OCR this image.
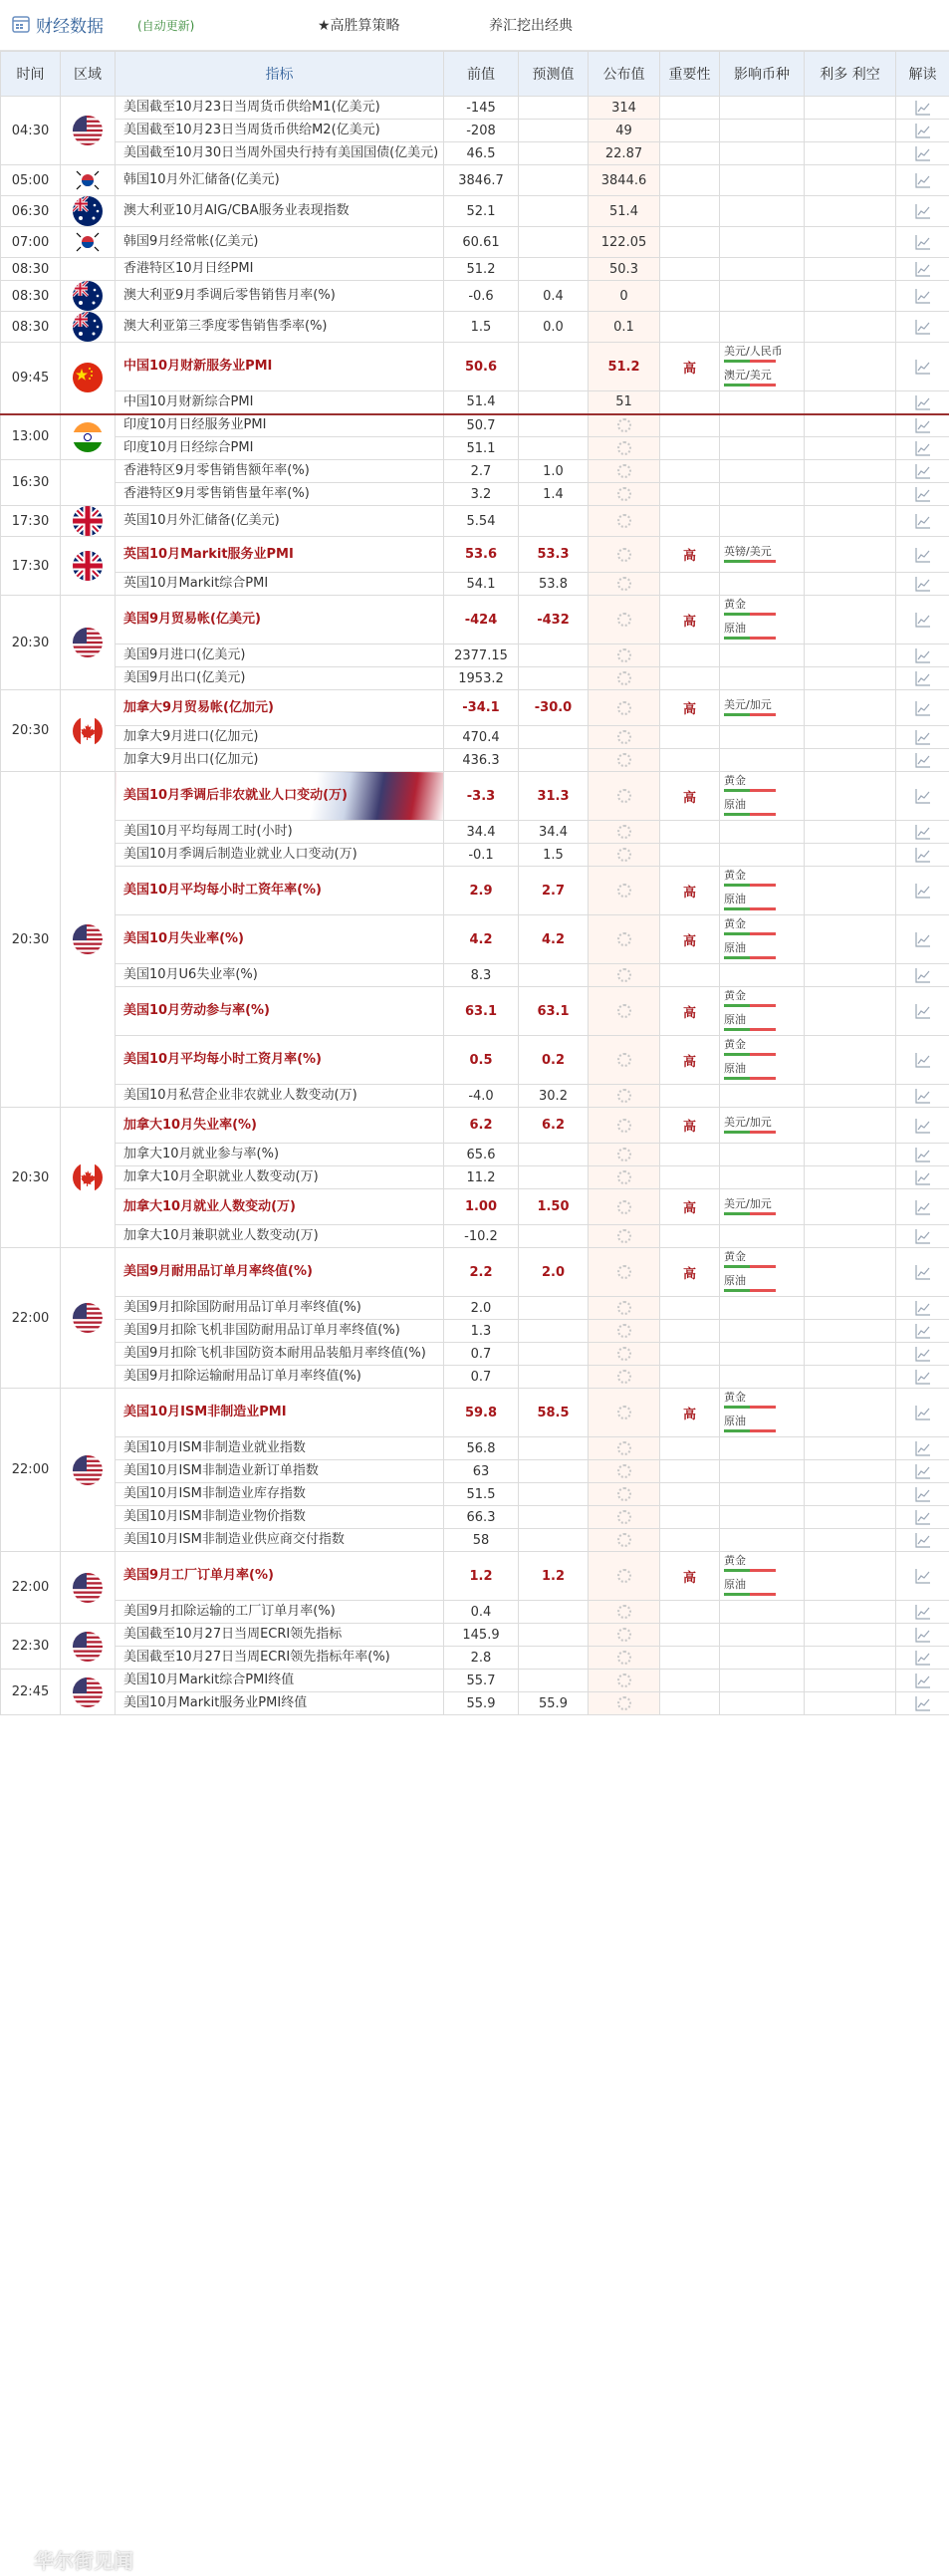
财经数据	(自动更新)	★高胜算策略	养汇挖出经典
时间	区域	指标	前值	预测值	公布值	重要性	影响币种	利多 利空	解读
04:30		美国截至10月23日当周货币供给M1(亿美元)	-145		314				
		美国截至10月23日当周货币供给M2(亿美元)	-208		49				
		美国截至10月30日当周外国央行持有美国国债(亿美元)	46.5		22.87				
05:00		韩国10月外汇储备(亿美元)	3846.7		3844.6				
06:30		澳大利亚10月AIG/CBA服务业表现指数	52.1		51.4				
07:00		韩国9月经常帐(亿美元)	60.61		122.05				
08:30		香港特区10月日经PMI	51.2		50.3				
08:30		澳大利亚9月季调后零售销售月率(%)	-0.6	0.4	0				
08:30		澳大利亚第三季度零售销售季率(%)	1.5	0.0	0.1				
09:45		中国10月财新服务业PMI	50.6		51.2	高	美元/人民币
澳元/美元

		中国10月财新综合PMI	51.4		51				
13:00		印度10月日经服务业PMI	50.7						
		印度10月日经综合PMI	51.1						
16:30		香港特区9月零售销售额年率(%)	2.7	1.0					
		香港特区9月零售销售量年率(%)	3.2	1.4					
17:30		英国10月外汇储备(亿美元)	5.54						
17:30		英国10月Markit服务业PMI	53.6	53.3		高	英镑/美元

		英国10月Markit综合PMI	54.1	53.8					
20:30		美国9月贸易帐(亿美元)	-424	-432		高	黄金
原油

		美国9月进口(亿美元)	2377.15						
		美国9月出口(亿美元)	1953.2						
20:30		加拿大9月贸易帐(亿加元)	-34.1	-30.0		高	美元/加元

		加拿大9月进口(亿加元)	470.4						
		加拿大9月出口(亿加元)	436.3						
20:30		美国10月季调后非农就业人口变动(万)	-3.3	31.3		高	黄金
原油

		美国10月平均每周工时(小时)	34.4	34.4					
		美国10月季调后制造业就业人口变动(万)	-0.1	1.5					
		美国10月平均每小时工资年率(%)	2.9	2.7		高	黄金
原油

		美国10月失业率(%)	4.2	4.2		高	黄金
原油

		美国10月U6失业率(%)	8.3						
		美国10月劳动参与率(%)	63.1	63.1		高	黄金
原油

		美国10月平均每小时工资月率(%)	0.5	0.2		高	黄金
原油

		美国10月私营企业非农就业人数变动(万)	-4.0	30.2					
20:30		加拿大10月失业率(%)	6.2	6.2		高	美元/加元

		加拿大10月就业参与率(%)	65.6						
		加拿大10月全职就业人数变动(万)	11.2						
		加拿大10月就业人数变动(万)	1.00	1.50		高	美元/加元

		加拿大10月兼职就业人数变动(万)	-10.2						
22:00		美国9月耐用品订单月率终值(%)	2.2	2.0		高	黄金
原油

		美国9月扣除国防耐用品订单月率终值(%)	2.0						
		美国9月扣除飞机非国防耐用品订单月率终值(%)	1.3						
		美国9月扣除飞机非国防资本耐用品装船月率终值(%)	0.7						
		美国9月扣除运输耐用品订单月率终值(%)	0.7						
22:00		美国10月ISM非制造业PMI	59.8	58.5		高	黄金
原油

		美国10月ISM非制造业就业指数	56.8						
		美国10月ISM非制造业新订单指数	63						
		美国10月ISM非制造业库存指数	51.5						
		美国10月ISM非制造业物价指数	66.3						
		美国10月ISM非制造业供应商交付指数	58						
22:00		美国9月工厂订单月率(%)	1.2	1.2		高	黄金
原油

		美国9月扣除运输的工厂订单月率(%)	0.4						
22:30		美国截至10月27日当周ECRI领先指标	145.9						
		美国截至10月27日当周ECRI领先指标年率(%)	2.8						
22:45		美国10月Markit综合PMI终值	55.7						
		美国10月Markit服务业PMI终值	55.9	55.9					
华尔街见闻
